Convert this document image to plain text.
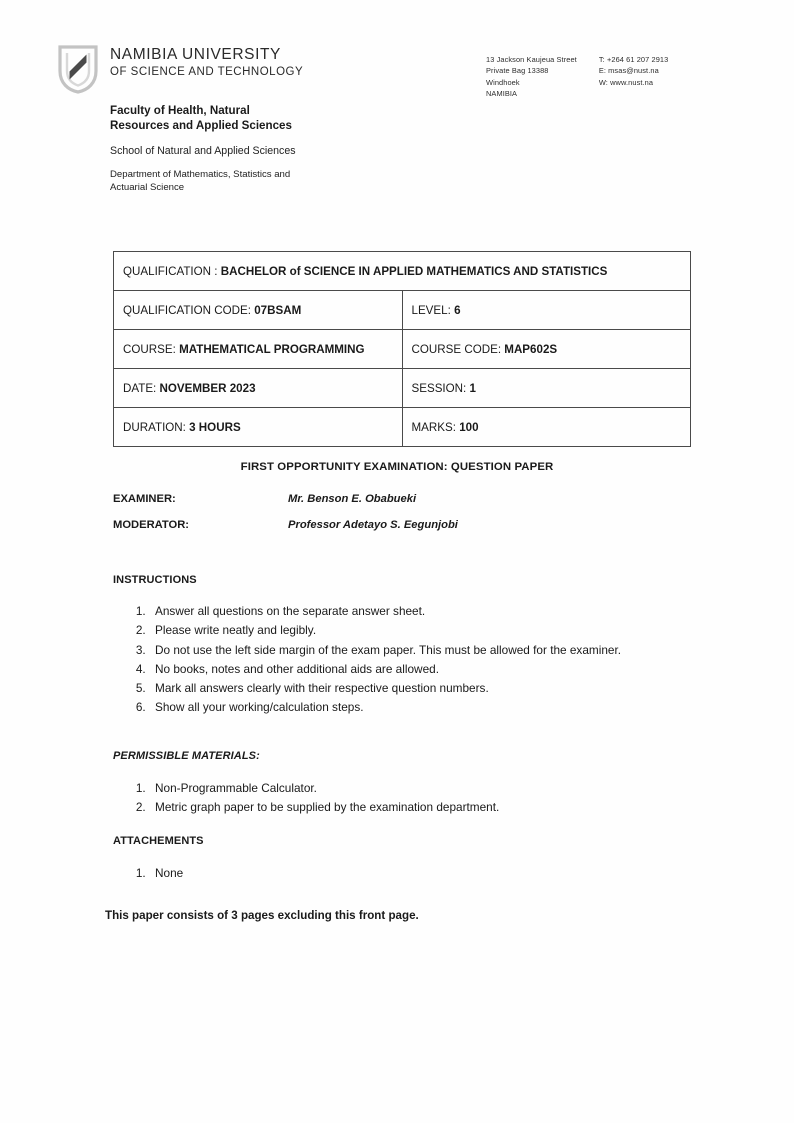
NAMIBIA UNIVERSITY
OF SCIENCE AND TECHNOLOGY
13 Jackson Kaujeua Street
Private Bag 13388
Windhoek
NAMIBIA
T: +264 61 207 2913
E: msas@nust.na
W: www.nust.na
Faculty of Health, Natural Resources and Applied Sciences
School of Natural and Applied Sciences
Department of Mathematics, Statistics and Actuarial Science
QUALIFICATION : BACHELOR of SCIENCE IN APPLIED MATHEMATICS AND STATISTICS	
QUALIFICATION CODE: 07BSAM	LEVEL: 6
COURSE: MATHEMATICAL PROGRAMMING	COURSE CODE: MAP602S
DATE: NOVEMBER 2023	SESSION: 1
DURATION: 3 HOURS	MARKS: 100
FIRST OPPORTUNITY EXAMINATION: QUESTION PAPER
EXAMINER:	Mr. Benson E. Obabueki
MODERATOR:	Professor Adetayo S. Eegunjobi
INSTRUCTIONS
1. Answer all questions on the separate answer sheet.
2. Please write neatly and legibly.
3. Do not use the left side margin of the exam paper. This must be allowed for the examiner.
4. No books, notes and other additional aids are allowed.
5. Mark all answers clearly with their respective question numbers.
6. Show all your working/calculation steps.
PERMISSIBLE MATERIALS:
1. Non-Programmable Calculator.
2. Metric graph paper to be supplied by the examination department.
ATTACHEMENTS
1. None
This paper consists of 3 pages excluding this front page.
